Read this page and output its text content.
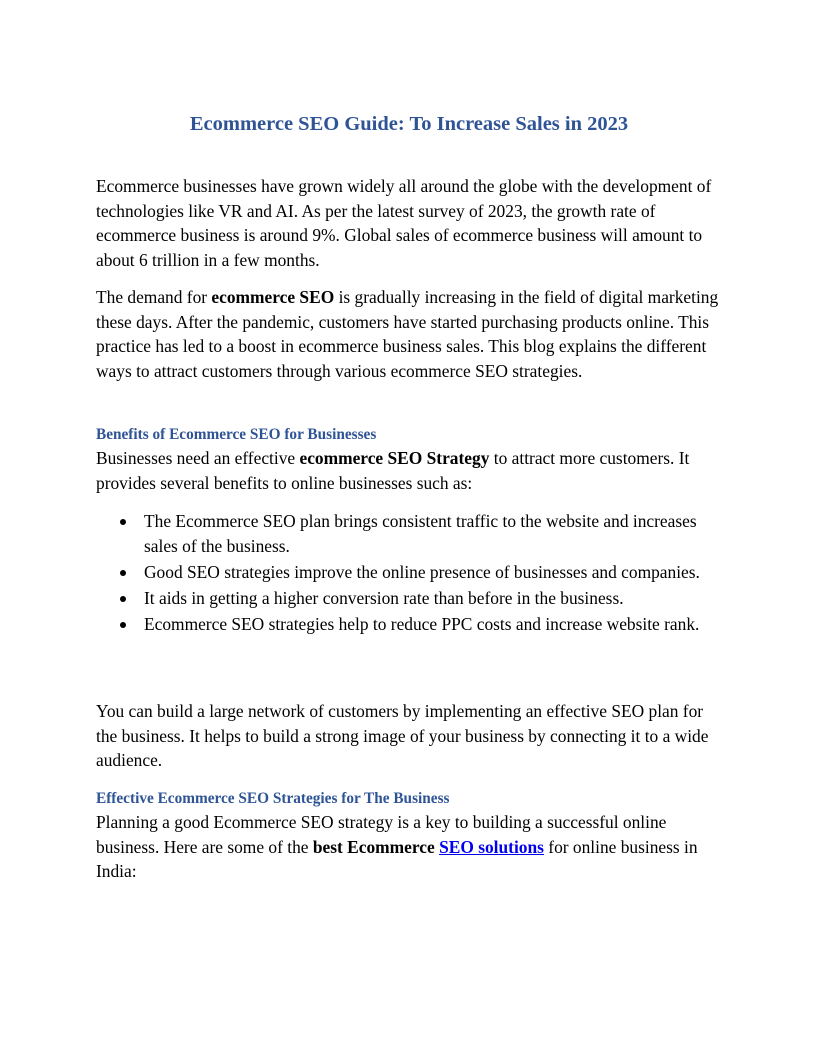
Ecommerce SEO Guide: To Increase Sales in 2023

Ecommerce businesses have grown widely all around the globe with the development of technologies like VR and AI. As per the latest survey of 2023, the growth rate of ecommerce business is around 9%. Global sales of ecommerce business will amount to about 6 trillion in a few months.

The demand for ecommerce SEO is gradually increasing in the field of digital marketing these days. After the pandemic, customers have started purchasing products online. This practice has led to a boost in ecommerce business sales. This blog explains the different ways to attract customers through various ecommerce SEO strategies.

Benefits of Ecommerce SEO for Businesses

Businesses need an effective ecommerce SEO Strategy to attract more customers. It provides several benefits to online businesses such as:

The Ecommerce SEO plan brings consistent traffic to the website and increases sales of the business.
Good SEO strategies improve the online presence of businesses and companies.
It aids in getting a higher conversion rate than before in the business.
Ecommerce SEO strategies help to reduce PPC costs and increase website rank.

You can build a large network of customers by implementing an effective SEO plan for the business. It helps to build a strong image of your business by connecting it to a wide audience.

Effective Ecommerce SEO Strategies for The Business

Planning a good Ecommerce SEO strategy is a key to building a successful online business. Here are some of the best Ecommerce SEO solutions for online business in India:
